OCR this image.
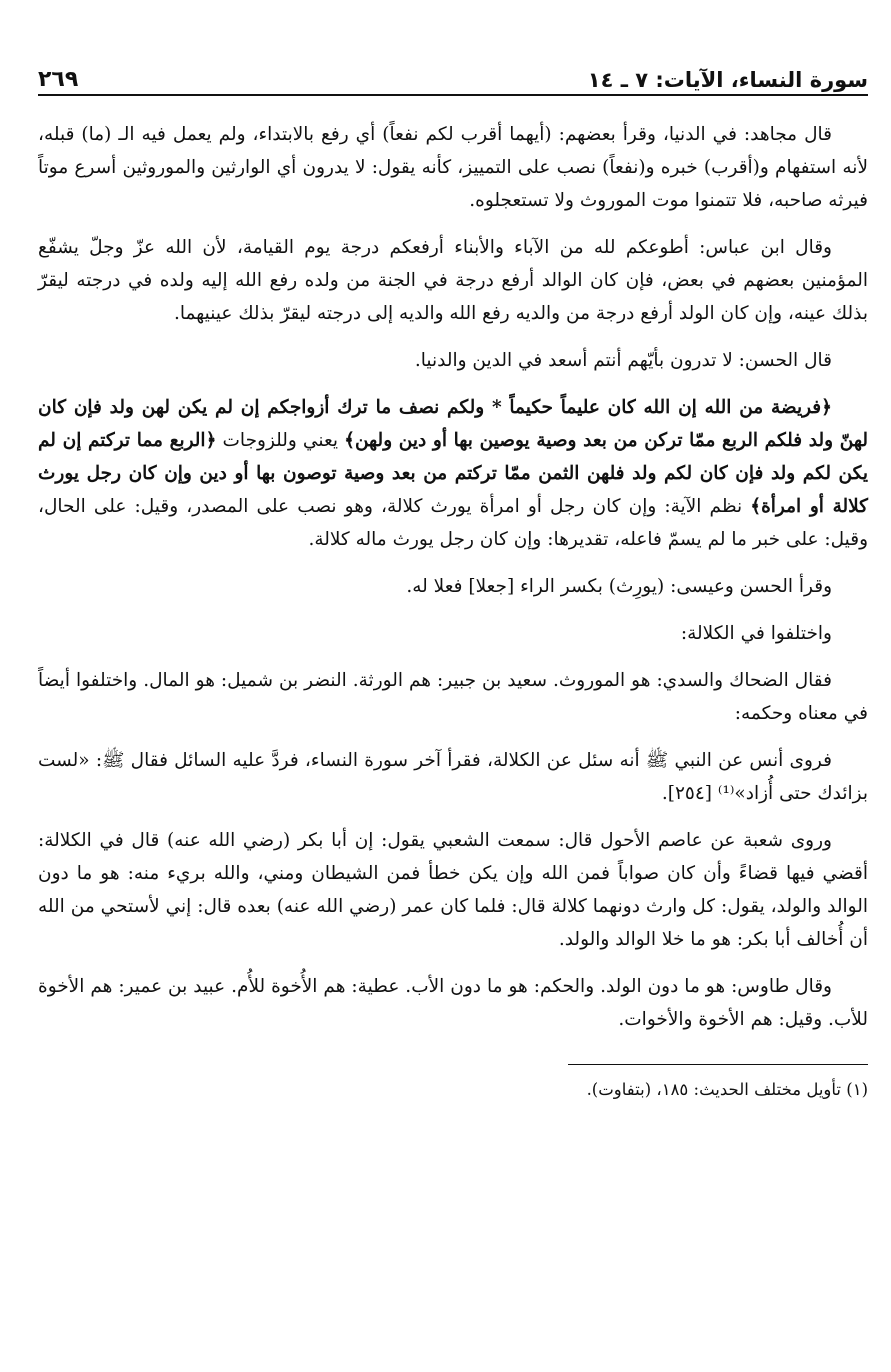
سورة النساء، الآيات: ٧ ـ ١٤
٢٦٩

قال مجاهد: في الدنيا، وقرأ بعضهم: (أيهما أقرب لكم نفعاً) أي رفع بالابتداء، ولم يعمل فيه الـ (ما) قبله، لأنه استفهام و(أقرب) خبره و(نفعاً) نصب على التمييز، كأنه يقول: لا يدرون أي الوارثين والموروثين أسرع موتاً فيرثه صاحبه، فلا تتمنوا موت الموروث ولا تستعجلوه.

وقال ابن عباس: أطوعكم لله من الآباء والأبناء أرفعكم درجة يوم القيامة، لأن الله عزّ وجلّ يشفّع المؤمنين بعضهم في بعض، فإن كان الوالد أرفع درجة في الجنة من ولده رفع الله إليه ولده في درجته ليقرّ بذلك عينه، وإن كان الولد أرفع درجة من والديه رفع الله والديه إلى درجته ليقرّ بذلك عينيهما.

قال الحسن: لا تدرون بأيّهم أنتم أسعد في الدين والدنيا.

﴿فريضة من الله إن الله كان عليماً حكيماً * ولكم نصف ما ترك أزواجكم إن لم يكن لهن ولد فإن كان لهنّ ولد فلكم الربع ممّا تركن من بعد وصية يوصين بها أو دين ولهن﴾ يعني وللزوجات ﴿الربع مما تركتم إن لم يكن لكم ولد فإن كان لكم ولد فلهن الثمن ممّا تركتم من بعد وصية توصون بها أو دين وإن كان رجل يورث كلالة أو امرأة﴾ نظم الآية: وإن كان رجل أو امرأة يورث كلالة، وهو نصب على المصدر، وقيل: على الحال، وقيل: على خبر ما لم يسمّ فاعله، تقديرها: وإن كان رجل يورث ماله كلالة.

وقرأ الحسن وعيسى: (يورِث) بكسر الراء [جعلا] فعلا له.

واختلفوا في الكلالة:

فقال الضحاك والسدي: هو الموروث. سعيد بن جبير: هم الورثة. النضر بن شميل: هو المال. واختلفوا أيضاً في معناه وحكمه:

فروى أنس عن النبي ﷺ أنه سئل عن الكلالة، فقرأ آخر سورة النساء، فردَّ عليه السائل فقال ﷺ: «لست بزائدك حتى أُزاد»⁽¹⁾ [٢٥٤].

وروى شعبة عن عاصم الأحول قال: سمعت الشعبي يقول: إن أبا بكر (رضي الله عنه) قال في الكلالة: أقضي فيها قضاءً وأن كان صواباً فمن الله وإن يكن خطأ فمن الشيطان ومني، والله بريء منه: هو ما دون الوالد والولد، يقول: كل وارث دونهما كلالة قال: فلما كان عمر (رضي الله عنه) بعده قال: إني لأستحي من الله أن أُخالف أبا بكر: هو ما خلا الوالد والولد.

وقال طاوس: هو ما دون الولد. والحكم: هو ما دون الأب. عطية: هم الأُخوة للأُم. عبيد بن عمير: هم الأخوة للأب. وقيل: هم الأخوة والأخوات.

(١) تأويل مختلف الحديث: ١٨٥، (بتفاوت).
